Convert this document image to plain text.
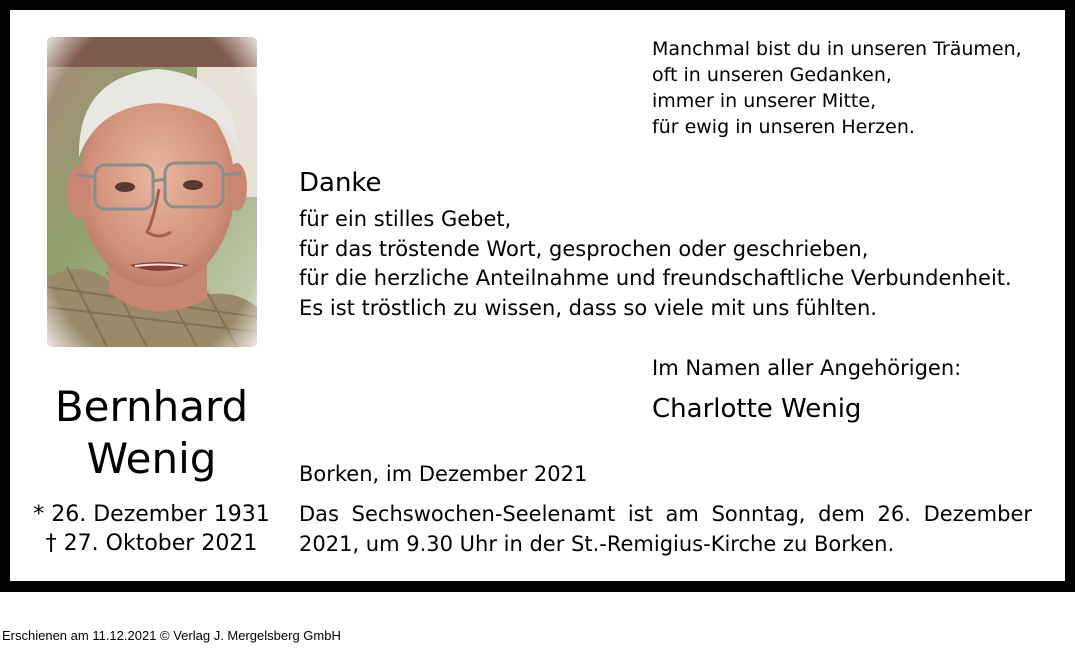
Bernhard
Wenig
* 26. Dezember 1931
† 27. Oktober 2021
Manchmal bist du in unseren Träumen,
oft in unseren Gedanken,
immer in unserer Mitte,
für ewig in unseren Herzen.
Danke
für ein stilles Gebet,
für das tröstende Wort, gesprochen oder geschrieben,
für die herzliche Anteilnahme und freundschaftliche Verbundenheit.
Es ist tröstlich zu wissen, dass so viele mit uns fühlten.
Im Namen aller Angehörigen:
Charlotte Wenig
Borken, im Dezember 2021
Das Sechswochen-Seelenamt ist am Sonntag, dem 26. Dezember
2021, um 9.30 Uhr in der St.-Remigius-Kirche zu Borken.
Erschienen am 11.12.2021 © Verlag J. Mergelsberg GmbH
